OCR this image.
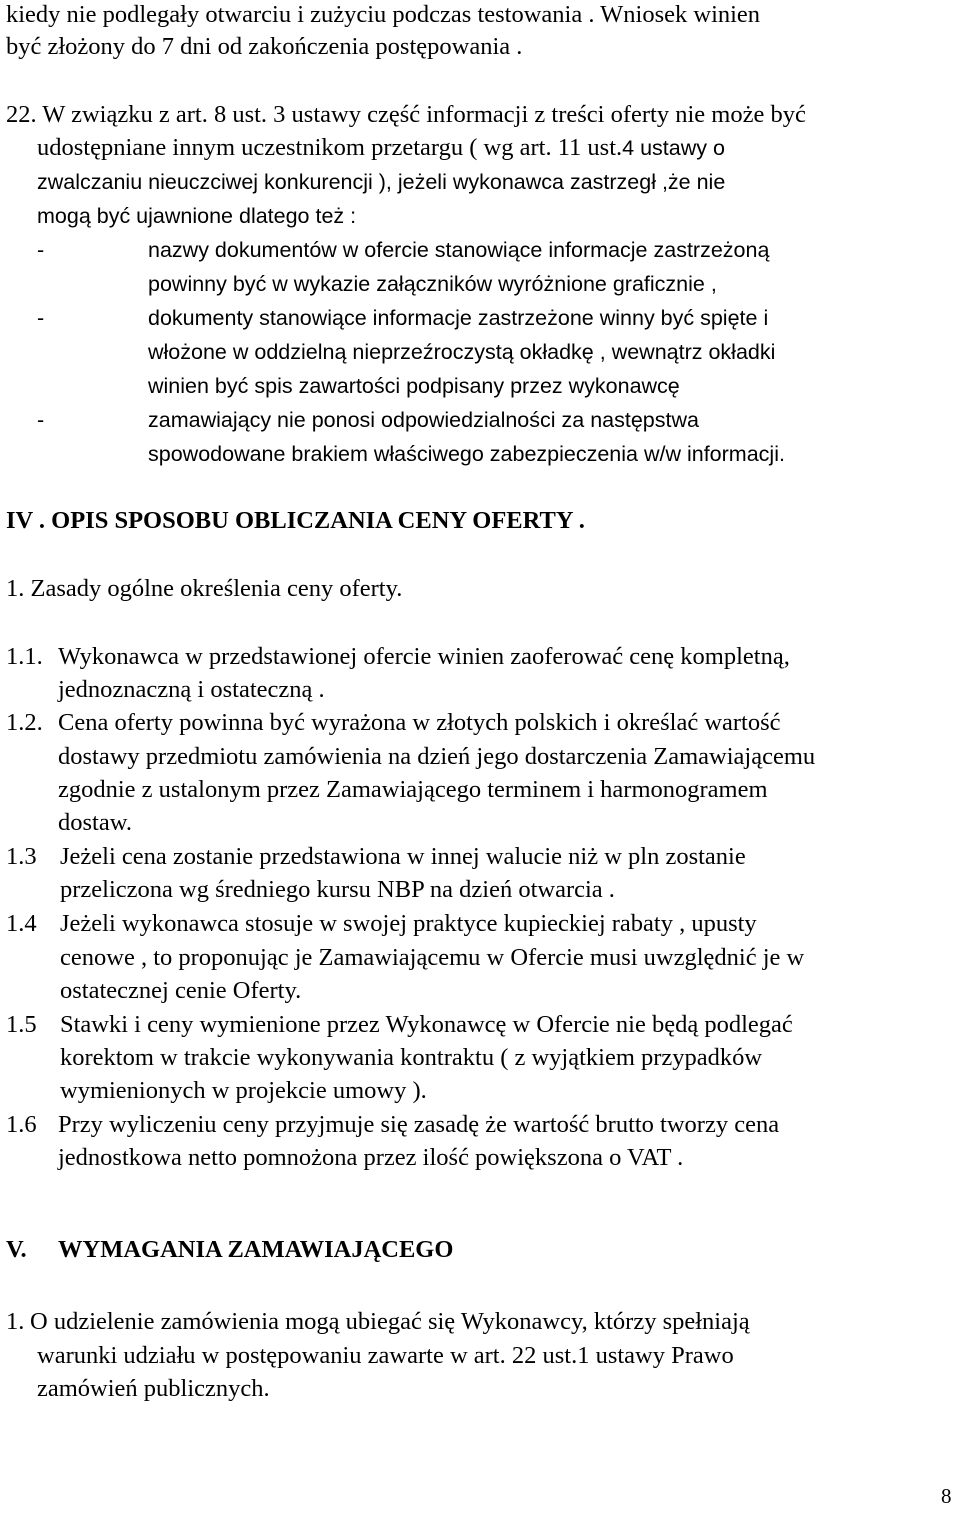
kiedy nie podlegały otwarciu i zużyciu podczas testowania . Wniosek winien
być złożony do 7 dni od zakończenia postępowania .
22. W związku z art. 8 ust. 3 ustawy część informacji z treści oferty nie może być
udostępniane innym uczestnikom przetargu ( wg art. 11 ust.4 ustawy o
zwalczaniu nieuczciwej konkurencji ), jeżeli wykonawca zastrzegł ,że nie
mogą być ujawnione dlatego też :
-	nazwy dokumentów w ofercie stanowiące informacje zastrzeżoną
powinny być w wykazie załączników wyróżnione graficznie ,
-	dokumenty stanowiące informacje zastrzeżone winny być spięte i
włożone w oddzielną nieprzeźroczystą okładkę , wewnątrz okładki
winien być spis zawartości podpisany przez wykonawcę
-	zamawiający nie ponosi odpowiedzialności za następstwa
spowodowane brakiem właściwego zabezpieczenia w/w informacji.
IV . OPIS SPOSOBU OBLICZANIA CENY OFERTY .
1. Zasady ogólne określenia ceny oferty.
1.1. Wykonawca w przedstawionej ofercie winien zaoferować cenę kompletną,
jednoznaczną i ostateczną .
1.2. Cena oferty powinna być wyrażona w złotych polskich i określać wartość
dostawy przedmiotu zamówienia na dzień jego dostarczenia Zamawiającemu
zgodnie z ustalonym przez Zamawiającego terminem i harmonogramem
dostaw.
1.3 Jeżeli cena zostanie przedstawiona w innej walucie niż w pln zostanie
przeliczona wg średniego kursu NBP na dzień otwarcia .
1.4 Jeżeli wykonawca stosuje w swojej praktyce kupieckiej rabaty , upusty
cenowe , to proponując je Zamawiającemu w Ofercie musi uwzględnić je w
ostatecznej cenie Oferty.
1.5 Stawki i ceny wymienione przez Wykonawcę w Ofercie nie będą podlegać
korektom w trakcie wykonywania kontraktu ( z wyjątkiem przypadków
wymienionych w projekcie umowy ).
1.6 Przy wyliczeniu ceny przyjmuje się zasadę że wartość brutto tworzy cena
jednostkowa netto pomnożona przez ilość powiększona o VAT .
V. WYMAGANIA ZAMAWIAJĄCEGO
1. O udzielenie zamówienia mogą ubiegać się Wykonawcy, którzy spełniają
warunki udziału w postępowaniu zawarte w art. 22 ust.1 ustawy Prawo
zamówień publicznych.
8
